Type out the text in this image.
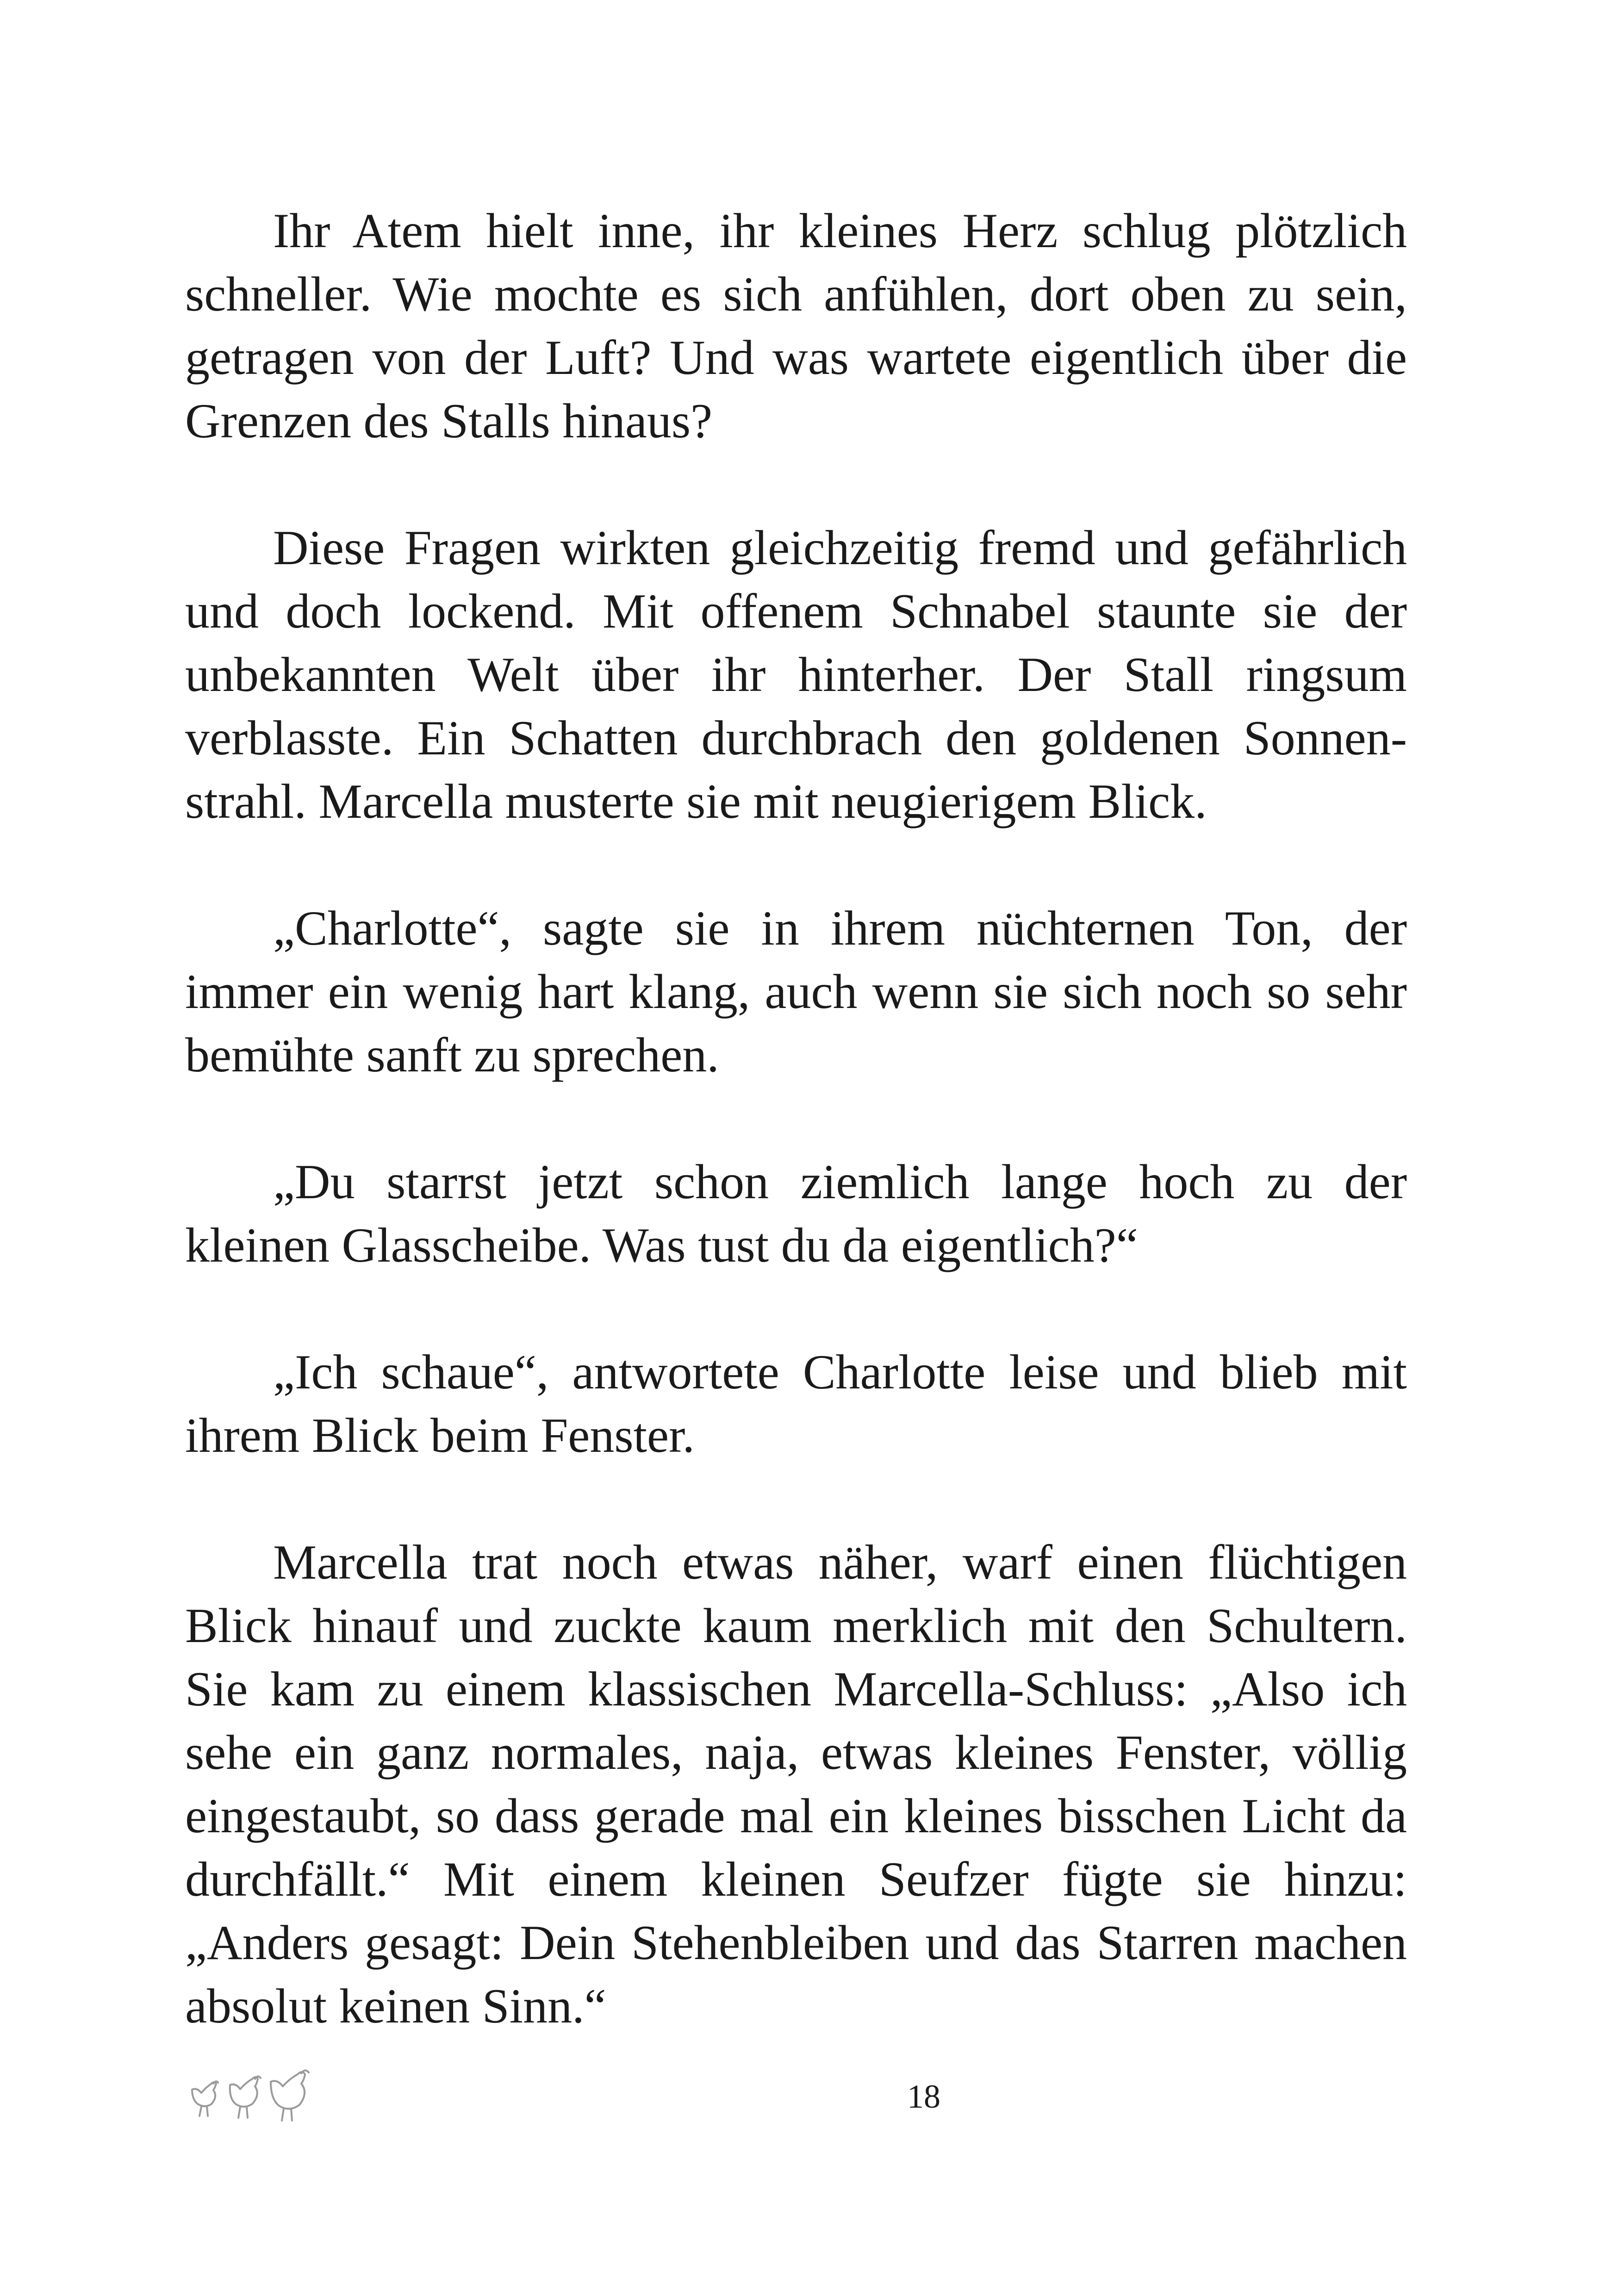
Ihr Atem hielt inne, ihr kleines Herz schlug plötzlich schneller. Wie mochte es sich anfühlen, dort oben zu sein, getragen von der Luft? Und was wartete eigentlich über die Grenzen des Stalls hinaus?

Diese Fragen wirkten gleichzeitig fremd und gefährlich und doch lockend. Mit offenem Schnabel staunte sie der unbekannten Welt über ihr hinterher. Der Stall ringsum verblasste. Ein Schatten durchbrach den goldenen Sonnen-strahl. Marcella musterte sie mit neugierigem Blick.

„Charlotte“, sagte sie in ihrem nüchternen Ton, der immer ein wenig hart klang, auch wenn sie sich noch so sehr bemühte sanft zu sprechen.

„Du starrst jetzt schon ziemlich lange hoch zu der kleinen Glasscheibe. Was tust du da eigentlich?“

„Ich schaue“, antwortete Charlotte leise und blieb mit ihrem Blick beim Fenster.

Marcella trat noch etwas näher, warf einen flüchtigen Blick hinauf und zuckte kaum merklich mit den Schultern. Sie kam zu einem klassischen Marcella-Schluss: „Also ich sehe ein ganz normales, naja, etwas kleines Fenster, völlig eingestaubt, so dass gerade mal ein kleines bisschen Licht da durchfällt.“ Mit einem kleinen Seufzer fügte sie hinzu: „Anders gesagt: Dein Stehenbleiben und das Starren machen absolut keinen Sinn.“

18
